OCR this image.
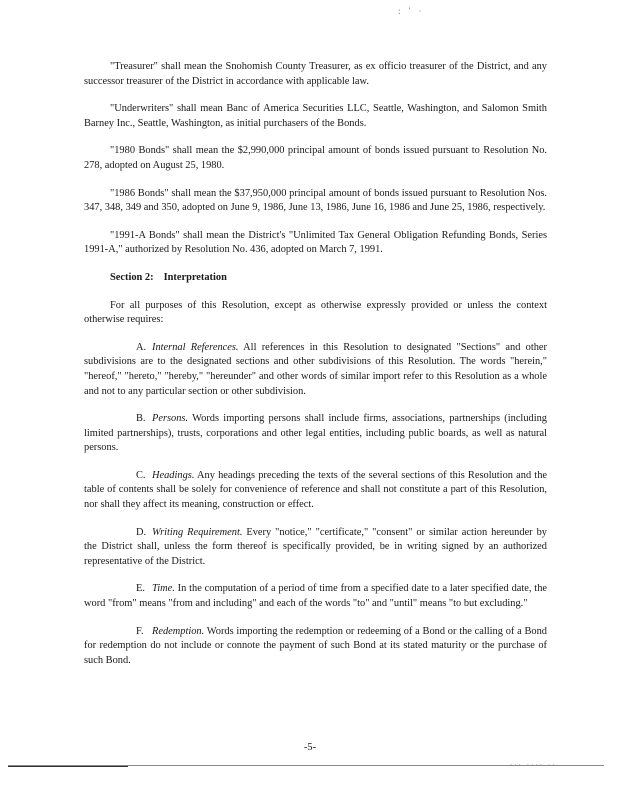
: ' ·

"Treasurer" shall mean the Snohomish County Treasurer, as ex officio treasurer of the District, and any successor treasurer of the District in accordance with applicable law.

"Underwriters" shall mean Banc of America Securities LLC, Seattle, Washington, and Salomon Smith Barney Inc., Seattle, Washington, as initial purchasers of the Bonds.

"1980 Bonds" shall mean the $2,990,000 principal amount of bonds issued pursuant to Resolution No. 278, adopted on August 25, 1980.

"1986 Bonds" shall mean the $37,950,000 principal amount of bonds issued pursuant to Resolution Nos. 347, 348, 349 and 350, adopted on June 9, 1986, June 13, 1986, June 16, 1986 and June 25, 1986, respectively.

"1991-A Bonds" shall mean the District's "Unlimited Tax General Obligation Refunding Bonds, Series 1991-A," authorized by Resolution No. 436, adopted on March 7, 1991.

Section 2: Interpretation

For all purposes of this Resolution, except as otherwise expressly provided or unless the context otherwise requires:

A. Internal References. All references in this Resolution to designated "Sections" and other subdivisions are to the designated sections and other subdivisions of this Resolution. The words "herein," "hereof," "hereto," "hereby," "hereunder" and other words of similar import refer to this Resolution as a whole and not to any particular section or other subdivision.

B. Persons. Words importing persons shall include firms, associations, partnerships (including limited partnerships), trusts, corporations and other legal entities, including public boards, as well as natural persons.

C. Headings. Any headings preceding the texts of the several sections of this Resolution and the table of contents shall be solely for convenience of reference and shall not constitute a part of this Resolution, nor shall they affect its meaning, construction or effect.

D. Writing Requirement. Every "notice," "certificate," "consent" or similar action hereunder by the District shall, unless the form thereof is specifically provided, be in writing signed by an authorized representative of the District.

E. Time. In the computation of a period of time from a specified date to a later specified date, the word "from" means "from and including" and each of the words "to" and "until" means "to but excluding."

F. Redemption. Words importing the redemption or redeeming of a Bond or the calling of a Bond for redemption do not include or connote the payment of such Bond at its stated maturity or the purchase of such Bond.

-5-
··· ···· ··
